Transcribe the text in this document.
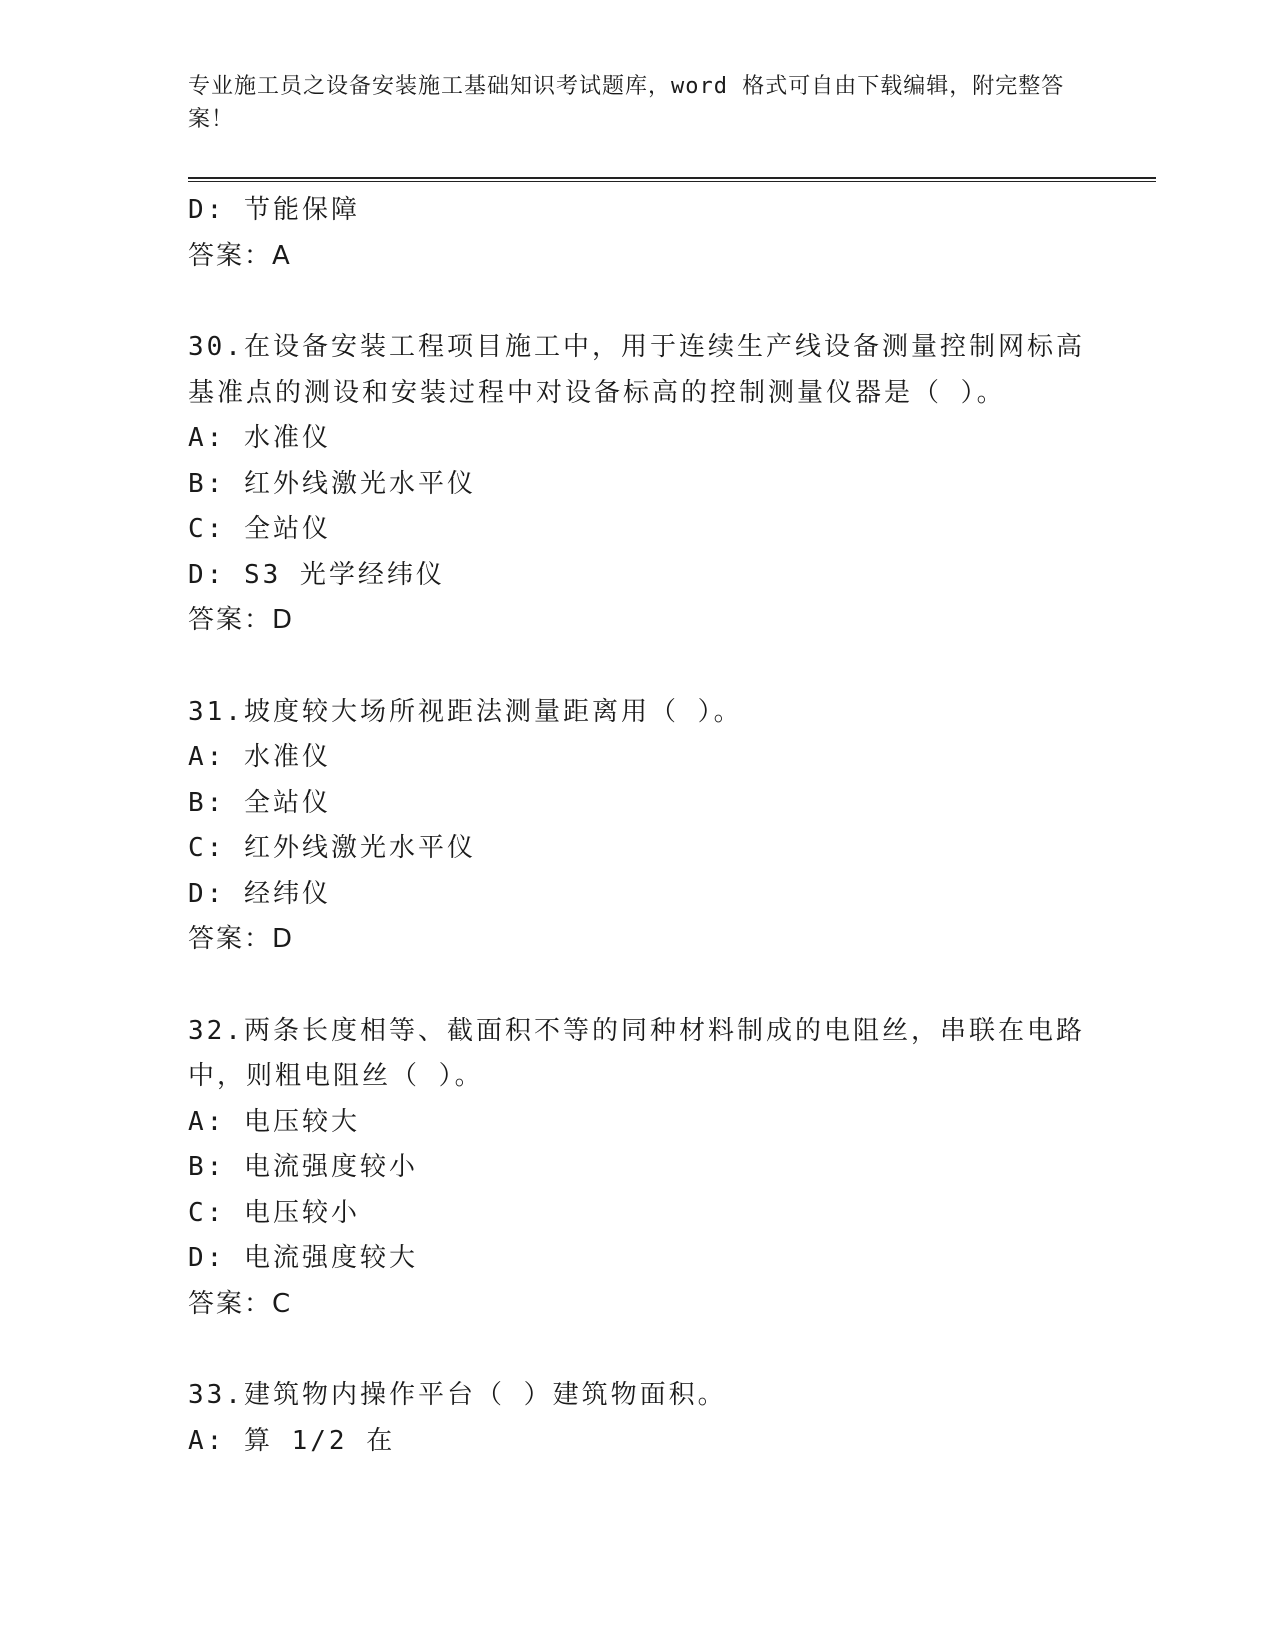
专业施工员之设备安装施工基础知识考试题库，word 格式可自由下载编辑，附完整答案！
D: 节能保障
答案：A
30.在设备安装工程项目施工中，用于连续生产线设备测量控制网标高
基准点的测设和安装过程中对设备标高的控制测量仪器是（ ）。
A: 水准仪
B: 红外线激光水平仪
C: 全站仪
D: S3 光学经纬仪
答案：D
31.坡度较大场所视距法测量距离用（ ）。
A: 水准仪
B: 全站仪
C: 红外线激光水平仪
D: 经纬仪
答案：D
32.两条长度相等、截面积不等的同种材料制成的电阻丝，串联在电路
中，则粗电阻丝（ ）。
A: 电压较大
B: 电流强度较小
C: 电压较小
D: 电流强度较大
答案：C
33.建筑物内操作平台（ ）建筑物面积。
A: 算 1/2 在
